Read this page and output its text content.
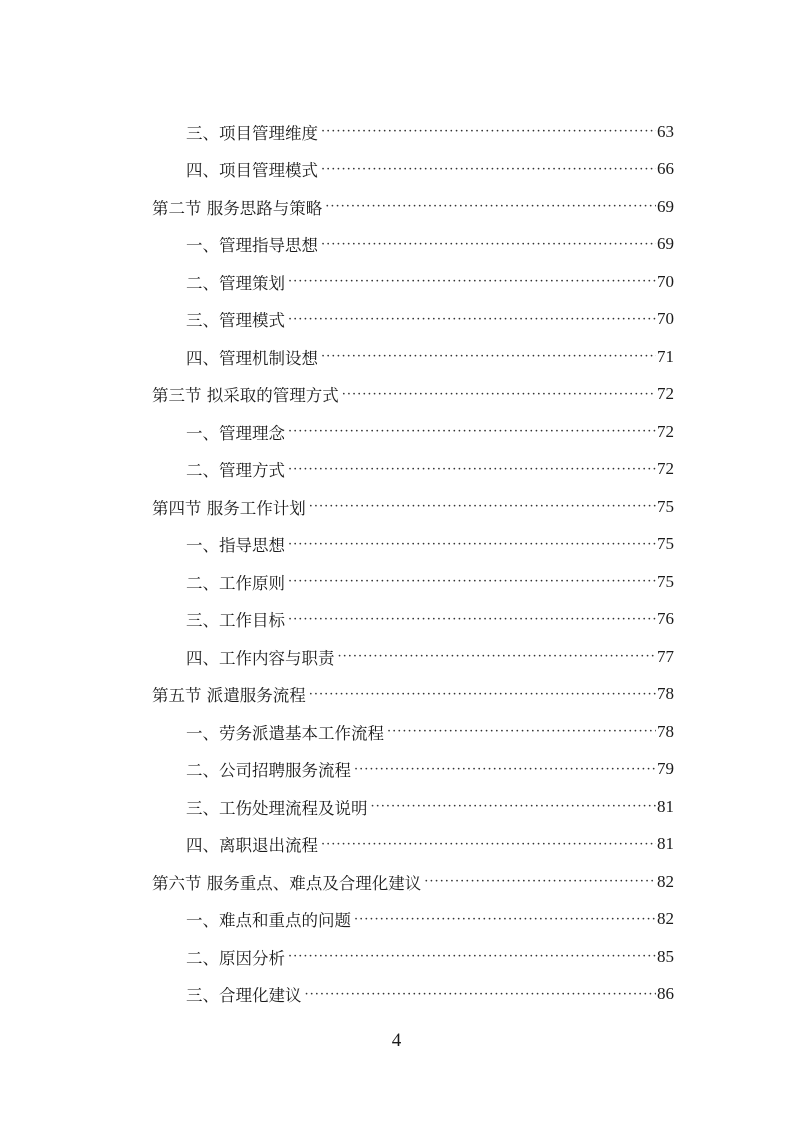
三、项目管理维度 ·····	63
四、项目管理模式 ·····	66
第二节 服务思路与策略 ·····	69
一、管理指导思想 ·····	69
二、管理策划 ·····	70
三、管理模式 ·····	70
四、管理机制设想 ·····	71
第三节 拟采取的管理方式 ·····	72
一、管理理念 ·····	72
二、管理方式 ·····	72
第四节 服务工作计划 ·····	75
一、指导思想 ·····	75
二、工作原则 ·····	75
三、工作目标 ·····	76
四、工作内容与职责 ·····	77
第五节 派遣服务流程 ·····	78
一、劳务派遣基本工作流程 ·····	78
二、公司招聘服务流程 ·····	79
三、工伤处理流程及说明 ·····	81
四、离职退出流程 ·····	81
第六节 服务重点、难点及合理化建议 ·····	82
一、难点和重点的问题 ·····	82
二、原因分析 ·····	85
三、合理化建议 ·····	86
4
